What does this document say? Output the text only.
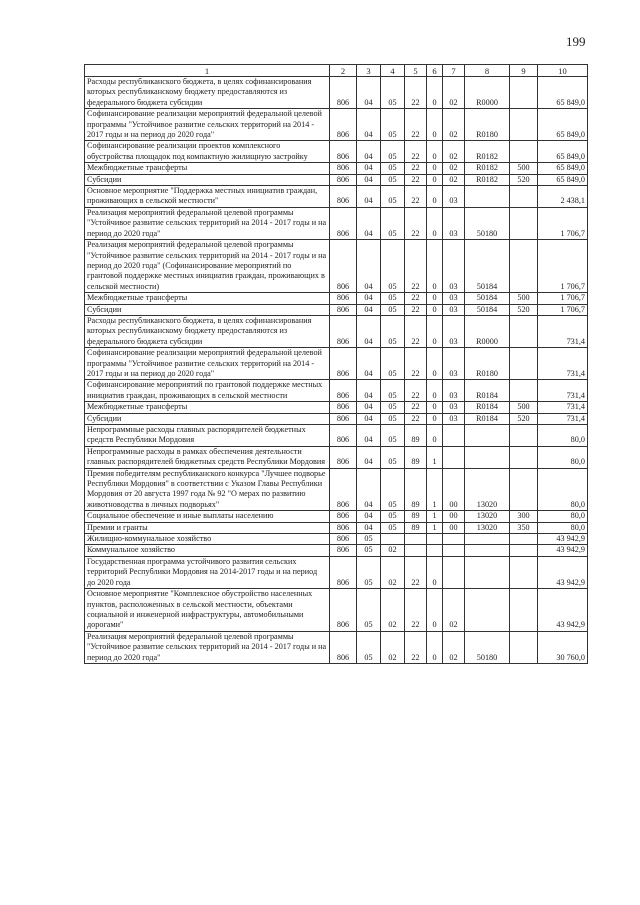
199
1	2	3	4	5	6	7	8	9	10
Расходы республиканского бюджета, в целях софинансирования которых республиканскому бюджету предоставляются из федерального бюджета субсидии	806	04	05	22	0	02	R0000		65 849,0
Софинансирование реализации мероприятий федеральной целевой программы "Устойчивое развитие сельских территорий на 2014 - 2017 годы и на период до 2020 года"	806	04	05	22	0	02	R0180		65 849,0
Софинансирование реализации проектов комплексного обустройства площадок под компактную жилищную застройку	806	04	05	22	0	02	R0182		65 849,0
Межбюджетные трансферты	806	04	05	22	0	02	R0182	500	65 849,0
Субсидии	806	04	05	22	0	02	R0182	520	65 849,0
Основное мероприятие "Поддержка местных инициатив граждан, проживающих в сельской местности"	806	04	05	22	0	03			2 438,1
Реализация мероприятий федеральной целевой программы "Устойчивое развитие сельских территорий на 2014 - 2017 годы и на период до 2020 года"	806	04	05	22	0	03	50180		1 706,7
Реализация мероприятий федеральной целевой программы "Устойчивое развитие сельских территорий на 2014 - 2017 годы и на период до 2020 года" (Софинансирование мероприятий по грантовой поддержке местных инициатив граждан, проживающих в сельской местности)	806	04	05	22	0	03	50184		1 706,7
Межбюджетные трансферты	806	04	05	22	0	03	50184	500	1 706,7
Субсидии	806	04	05	22	0	03	50184	520	1 706,7
Расходы республиканского бюджета, в целях софинансирования которых республиканскому бюджету предоставляются из федерального бюджета субсидии	806	04	05	22	0	03	R0000		731,4
Софинансирование реализации мероприятий федеральной целевой программы "Устойчивое развитие сельских территорий на 2014 - 2017 годы и на период до 2020 года"	806	04	05	22	0	03	R0180		731,4
Софинансирование мероприятий по грантовой поддержке местных инициатив граждан, проживающих в сельской местности	806	04	05	22	0	03	R0184		731,4
Межбюджетные трансферты	806	04	05	22	0	03	R0184	500	731,4
Субсидии	806	04	05	22	0	03	R0184	520	731,4
Непрограммные расходы главных распорядителей бюджетных средств Республики Мордовия	806	04	05	89	0				80,0
Непрограммные расходы в рамках обеспечения деятельности главных распорядителей бюджетных средств Республики Мордовия	806	04	05	89	1				80,0
Премия победителям республиканского конкурса "Лучшее подворье Республики Мордовия" в соответствии с Указом Главы Республики Мордовия от 20 августа 1997 года № 92 "О мерах по развитию животноводства в личных подворьях"	806	04	05	89	1	00	13020		80,0
Социальное обеспечение и иные выплаты населению	806	04	05	89	1	00	13020	300	80,0
Премии и гранты	806	04	05	89	1	00	13020	350	80,0
Жилищно-коммунальное хозяйство	806	05							43 942,9
Коммунальное хозяйство	806	05	02						43 942,9
Государственная программа устойчивого развития сельских территорий Республики Мордовия на 2014-2017 годы и на период до 2020 года	806	05	02	22	0				43 942,9
Основное мероприятие "Комплексное обустройство населенных пунктов, расположенных в сельской местности, объектами социальной и инженерной инфраструктуры, автомобильными дорогами"	806	05	02	22	0	02			43 942,9
Реализация мероприятий федеральной целевой программы "Устойчивое развитие сельских территорий на 2014 - 2017 годы и на период до 2020 года"	806	05	02	22	0	02	50180		30 760,0
